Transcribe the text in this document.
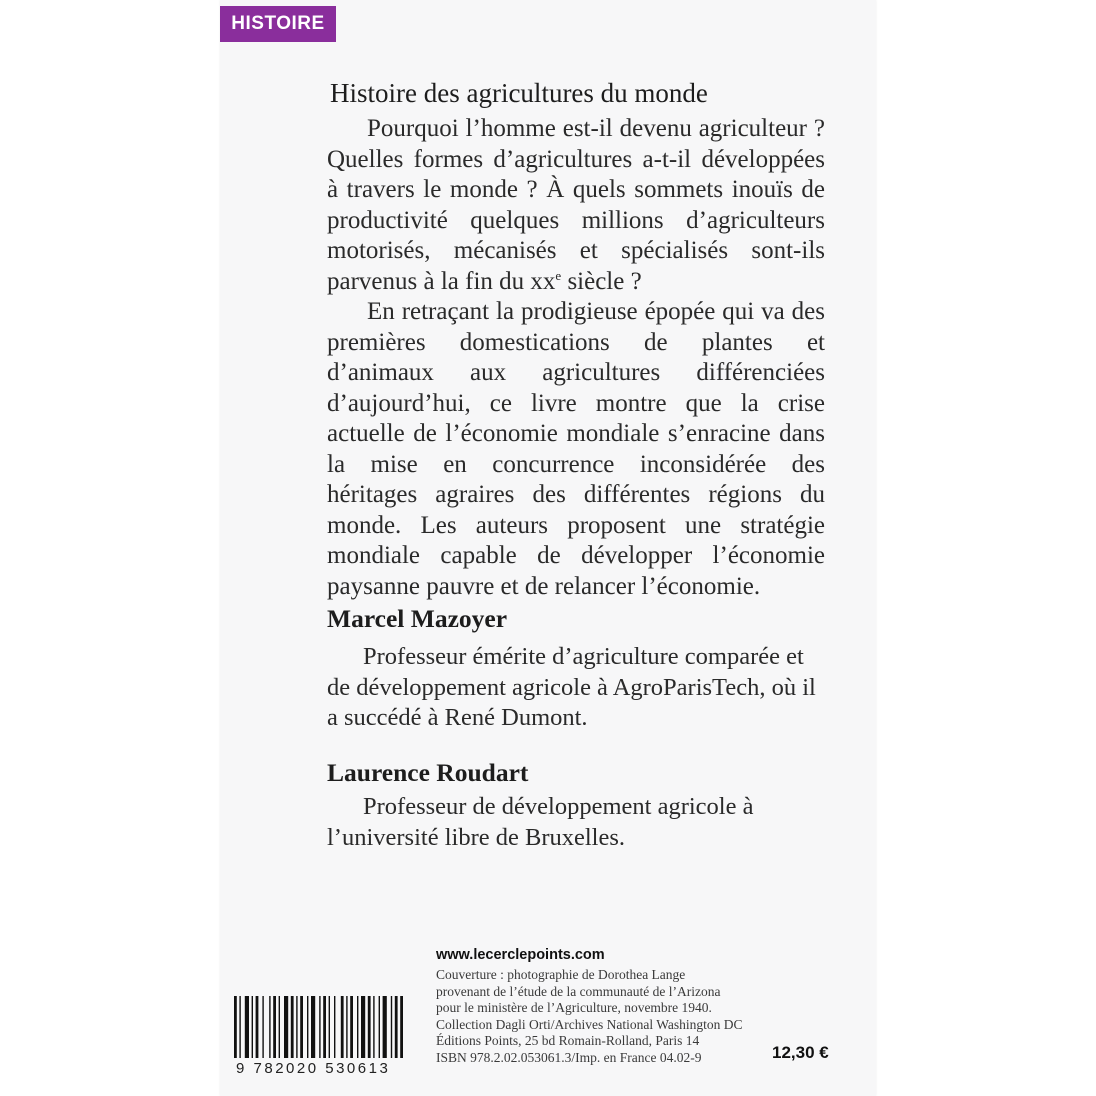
HISTOIRE
Histoire des agricultures du monde

Pourquoi l’homme est-il devenu agriculteur ? Quelles formes d’agricultures a-t-il développées à travers le monde ? À quels sommets inouïs de productivité quelques millions d’agriculteurs motorisés, mécanisés et spécialisés sont-ils parvenus à la fin du $xx^e$ siècle ?

En retraçant la prodigieuse épopée qui va des premières domestications de plantes et d’animaux aux agricultures différenciées d’aujourd’hui, ce livre montre que la crise actuelle de l’économie mondiale s’enracine dans la mise en concurrence inconsidérée des héritages agraires des différentes régions du monde. Les auteurs proposent une stratégie mondiale capable de développer l’économie paysanne pauvre et de relancer l’économie.

Marcel Mazoyer

Professeur émérite d’agriculture comparée et de développement agricole à AgroParisTech, où il a succédé à René Dumont.

Laurence Roudart

Professeur de développement agricole à l’université libre de Bruxelles.

www.lecerclepoints.com
Couverture : photographie de Dorothea Lange
provenant de l’étude de la communauté de l’Arizona
pour le ministère de l’Agriculture, novembre 1940.
Collection Dagli Orti/Archives National Washington DC
Éditions Points, 25 bd Romain-Rolland, Paris 14
ISBN 978.2.02.053061.3/Imp. en France 04.02-9	12,30 €
9 782020 530613
